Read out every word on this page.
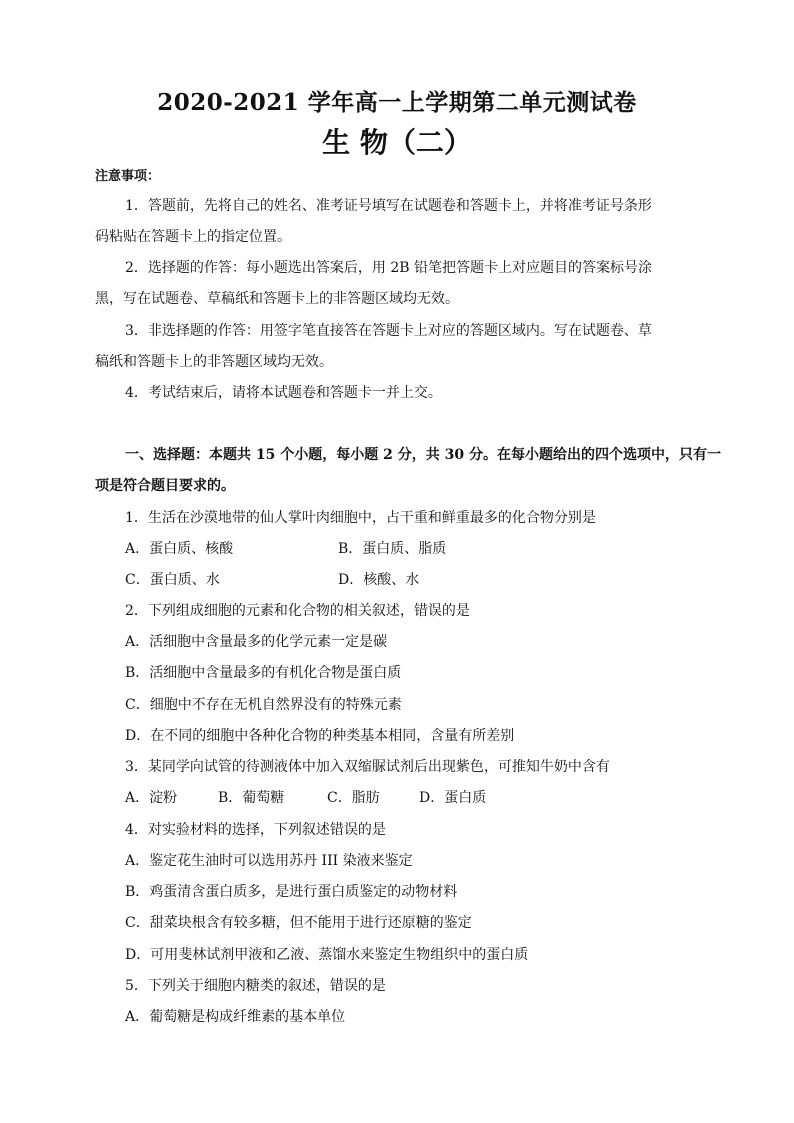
2020-2021 学年高一上学期第二单元测试卷
生 物（二）
注意事项：
1．答题前，先将自己的姓名、准考证号填写在试题卷和答题卡上，并将准考证号条形
码粘贴在答题卡上的指定位置。
2．选择题的作答：每小题选出答案后，用 2B 铅笔把答题卡上对应题目的答案标号涂
黑，写在试题卷、草稿纸和答题卡上的非答题区域均无效。
3．非选择题的作答：用签字笔直接答在答题卡上对应的答题区域内。写在试题卷、草
稿纸和答题卡上的非答题区域均无效。
4．考试结束后，请将本试题卷和答题卡一并上交。
一、选择题：本题共 15 个小题，每小题 2 分，共 30 分。在每小题给出的四个选项中，只有一
项是符合题目要求的。
1．生活在沙漠地带的仙人掌叶肉细胞中，占干重和鲜重最多的化合物分别是
A．蛋白质、核酸	B．蛋白质、脂质
C．蛋白质、水	D．核酸、水
2．下列组成细胞的元素和化合物的相关叙述，错误的是
A．活细胞中含量最多的化学元素一定是碳
B．活细胞中含量最多的有机化合物是蛋白质
C．细胞中不存在无机自然界没有的特殊元素
D．在不同的细胞中各种化合物的种类基本相同，含量有所差别
3．某同学向试管的待测液体中加入双缩脲试剂后出现紫色，可推知牛奶中含有
A．淀粉	B．葡萄糖	C．脂肪	D．蛋白质
4．对实验材料的选择，下列叙述错误的是
A．鉴定花生油时可以选用苏丹 III 染液来鉴定
B．鸡蛋清含蛋白质多，是进行蛋白质鉴定的动物材料
C．甜菜块根含有较多糖，但不能用于进行还原糖的鉴定
D．可用斐林试剂甲液和乙液、蒸馏水来鉴定生物组织中的蛋白质
5．下列关于细胞内糖类的叙述，错误的是
A．葡萄糖是构成纤维素的基本单位
